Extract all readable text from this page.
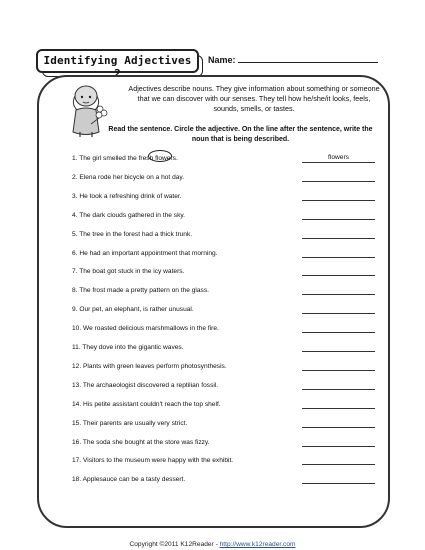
Identifying Adjectives 2
Name:
Adjectives describe nouns. They give information about something or someone that we can discover with our senses. They tell how he/she/it looks, feels, sounds, smells, or tastes.
Read the sentence. Circle the adjective. On the line after the sentence, write the noun that is being described.
1. The girl smelled the fresh flowers.	flowers
2. Elena rode her bicycle on a hot day.
3. He took a refreshing drink of water.
4. The dark clouds gathered in the sky.
5. The tree in the forest had a thick trunk.
6. He had an important appointment that morning.
7. The boat got stuck in the icy waters.
8. The frost made a pretty pattern on the glass.
9. Our pet, an elephant, is rather unusual.
10. We roasted delicious marshmallows in the fire.
11. They dove into the gigantic waves.
12. Plants with green leaves perform photosynthesis.
13. The archaeologist discovered a reptilian fossil.
14. His petite assistant couldn't reach the top shelf.
15. Their parents are usually very strict.
16. The soda she bought at the store was fizzy.
17. Visitors to the museum were happy with the exhibit.
18. Applesauce can be a tasty dessert.
Copyright ©2011 K12Reader - http://www.k12reader.com
